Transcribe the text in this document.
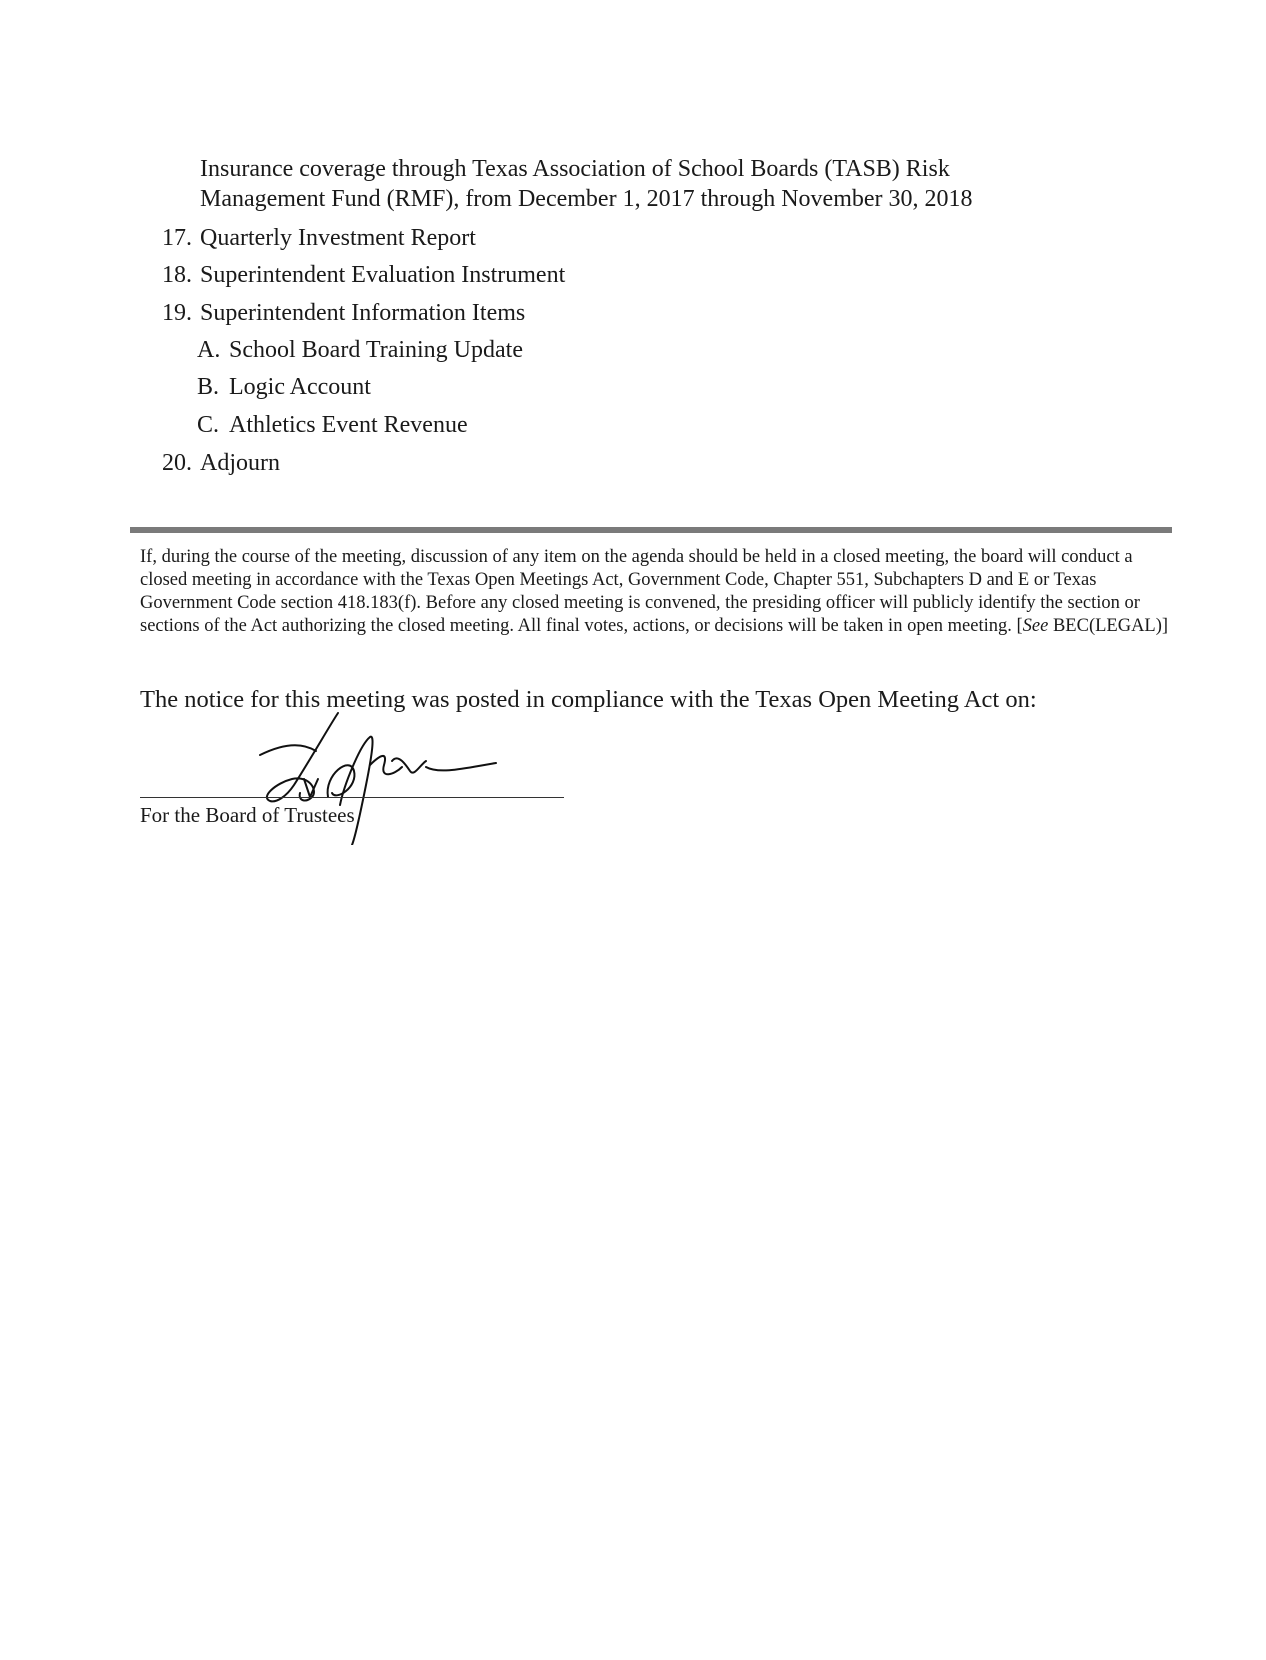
Insurance coverage through Texas Association of School Boards (TASB) Risk
Management Fund (RMF), from December 1, 2017 through November 30, 2018
17. Quarterly Investment Report
18. Superintendent Evaluation Instrument
19. Superintendent Information Items
A. School Board Training Update
B. Logic Account
C. Athletics Event Revenue
20. Adjourn
If, during the course of the meeting, discussion of any item on the agenda should be held in a closed meeting, the board will conduct a closed meeting in accordance with the Texas Open Meetings Act, Government Code, Chapter 551, Subchapters D and E or Texas Government Code section 418.183(f). Before any closed meeting is convened, the presiding officer will publicly identify the section or sections of the Act authorizing the closed meeting. All final votes, actions, or decisions will be taken in open meeting. [See BEC(LEGAL)]
The notice for this meeting was posted in compliance with the Texas Open Meeting Act on:
For the Board of Trustees
